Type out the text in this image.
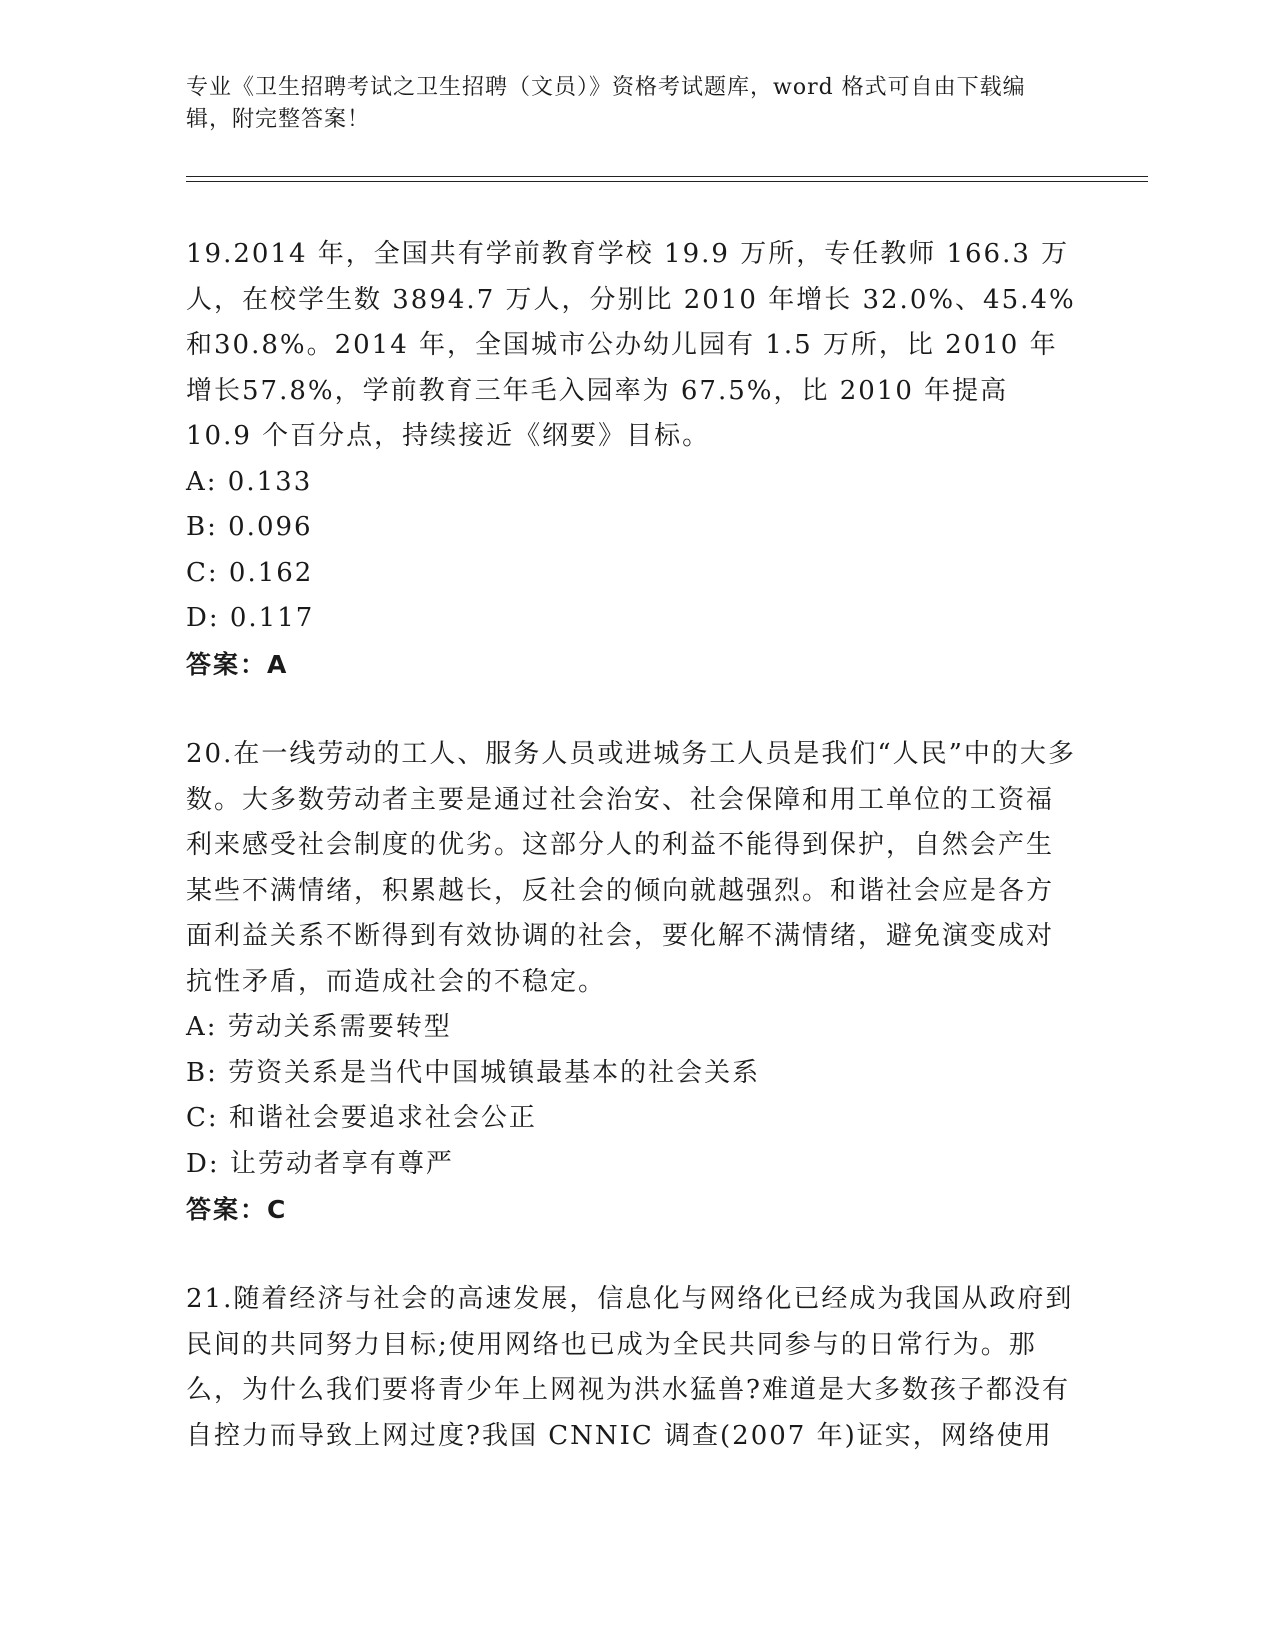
专业《卫生招聘考试之卫生招聘（文员）》资格考试题库，word 格式可自由下载编辑，附完整答案！

19.2014 年，全国共有学前教育学校 19.9 万所，专任教师 166.3 万人，在校学生数 3894.7 万人，分别比 2010 年增长 32.0%、45.4%和30.8%。2014 年，全国城市公办幼儿园有 1.5 万所，比 2010 年增长57.8%，学前教育三年毛入园率为 67.5%，比 2010 年提高 10.9 个百分点，持续接近《纲要》目标。

A: 0.133

B: 0.096

C: 0.162

D: 0.117

答案：A

20.在一线劳动的工人、服务人员或进城务工人员是我们“人民”中的大多数。大多数劳动者主要是通过社会治安、社会保障和用工单位的工资福利来感受社会制度的优劣。这部分人的利益不能得到保护，自然会产生某些不满情绪，积累越长，反社会的倾向就越强烈。和谐社会应是各方面利益关系不断得到有效协调的社会，要化解不满情绪，避免演变成对抗性矛盾，而造成社会的不稳定。

A: 劳动关系需要转型

B: 劳资关系是当代中国城镇最基本的社会关系

C: 和谐社会要追求社会公正

D: 让劳动者享有尊严

答案：C

21.随着经济与社会的高速发展，信息化与网络化已经成为我国从政府到民间的共同努力目标;使用网络也已成为全民共同参与的日常行为。那么，为什么我们要将青少年上网视为洪水猛兽?难道是大多数孩子都没有自控力而导致上网过度?我国 CNNIC 调查(2007 年)证实，网络使用
